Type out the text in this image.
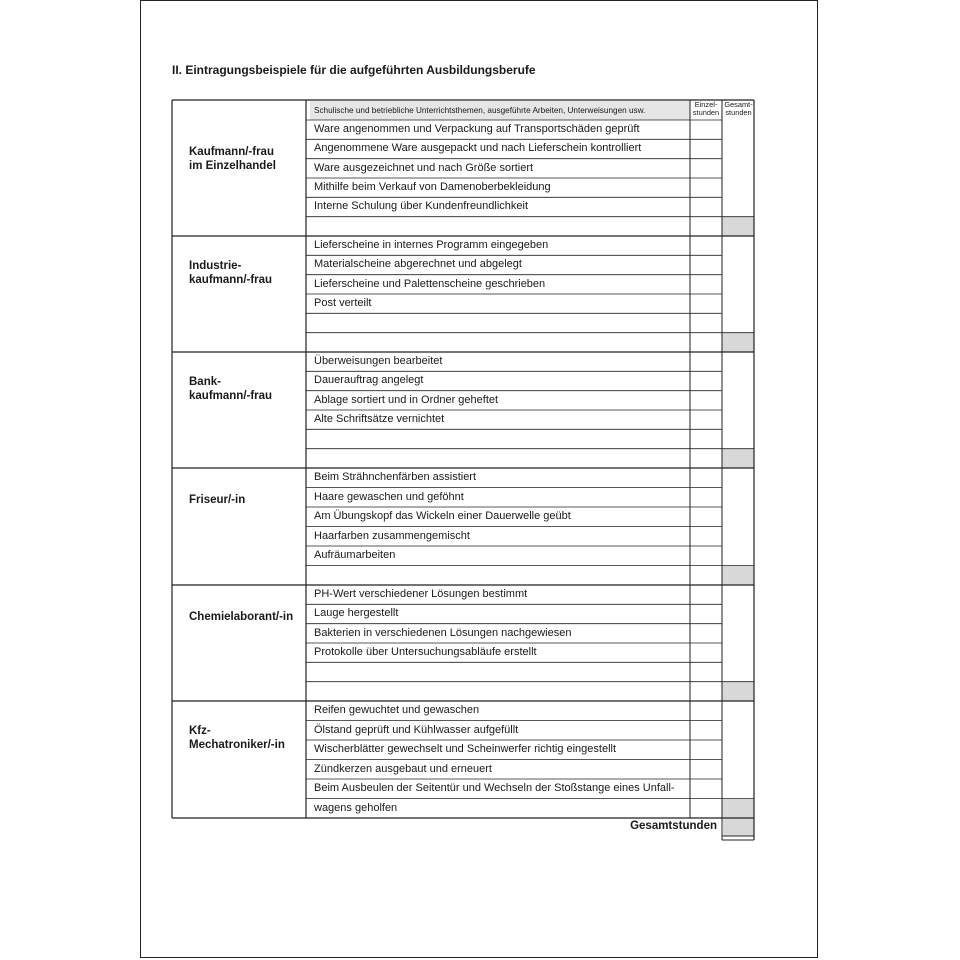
II. Eintragungsbeispiele für die aufgeführten Ausbildungsberufe
Schulische und betriebliche Unterrichtsthemen, ausgeführte Arbeiten, Unterweisungen usw.
Einzel-
stunden
Gesamt-
stunden
Kaufmann/-frau
im Einzelhandel
Ware angenommen und Verpackung auf Transportschäden geprüft
Angenommene Ware ausgepackt und nach Lieferschein kontrolliert
Ware ausgezeichnet und nach Größe sortiert
Mithilfe beim Verkauf von Damenoberbekleidung
Interne Schulung über Kundenfreundlichkeit
Industrie-
kaufmann/-frau
Lieferscheine in internes Programm eingegeben
Materialscheine abgerechnet und abgelegt
Lieferscheine und Palettenscheine geschrieben
Post verteilt
Bank-
kaufmann/-frau
Überweisungen bearbeitet
Dauerauftrag angelegt
Ablage sortiert und in Ordner geheftet
Alte Schriftsätze vernichtet
Friseur/-in
Beim Strähnchenfärben assistiert
Haare gewaschen und geföhnt
Am Übungskopf das Wickeln einer Dauerwelle geübt
Haarfarben zusammengemischt
Aufräumarbeiten
Chemielaborant/-in
PH-Wert verschiedener Lösungen bestimmt
Lauge hergestellt
Bakterien in verschiedenen Lösungen nachgewiesen
Protokolle über Untersuchungsabläufe erstellt
Kfz-
Mechatroniker/-in
Reifen gewuchtet und gewaschen
Ölstand geprüft und Kühlwasser aufgefüllt
Wischerblätter gewechselt und Scheinwerfer richtig eingestellt
Zündkerzen ausgebaut und erneuert
Beim Ausbeulen der Seitentür und Wechseln der Stoßstange eines Unfall-
wagens geholfen
Gesamtstunden
